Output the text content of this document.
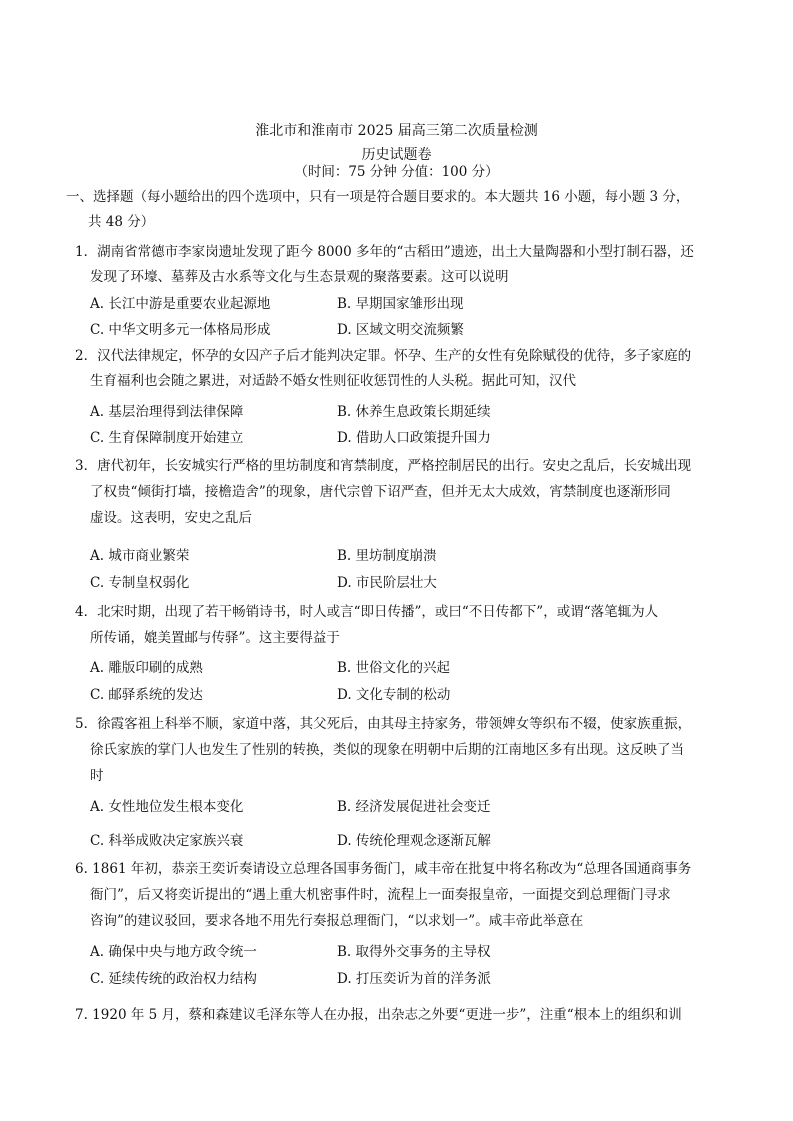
淮北市和淮南市 2025 届高三第二次质量检测
历史试题卷
（时间：75 分钟 分值：100 分）
一、选择题（每小题给出的四个选项中，只有一项是符合题目要求的。本大题共 16 小题，每小题 3 分，
共 48 分）
1．湖南省常德市李家岗遗址发现了距今 8000 多年的“古稻田”遗迹，出土大量陶器和小型打制石器，还
发现了环壕、墓葬及古水系等文化与生态景观的聚落要素。这可以说明
A. 长江中游是重要农业起源地	B. 早期国家雏形出现
C. 中华文明多元一体格局形成	D. 区域文明交流频繁
2．汉代法律规定，怀孕的女囚产子后才能判决定罪。怀孕、生产的女性有免除赋役的优待，多子家庭的
生育福利也会随之累进，对适龄不婚女性则征收惩罚性的人头税。据此可知，汉代
A. 基层治理得到法律保障	B. 休养生息政策长期延续
C. 生育保障制度开始建立	D. 借助人口政策提升国力
3．唐代初年，长安城实行严格的里坊制度和宵禁制度，严格控制居民的出行。安史之乱后，长安城出现
了权贵“倾街打墙，接檐造舍”的现象，唐代宗曾下诏严查，但并无太大成效，宵禁制度也逐渐形同
虚设。这表明，安史之乱后
A. 城市商业繁荣	B. 里坊制度崩溃
C. 专制皇权弱化	D. 市民阶层壮大
4．北宋时期，出现了若干畅销诗书，时人或言“即日传播”，或曰“不日传都下”，或谓“落笔辄为人
所传诵，媲美置邮与传驿”。这主要得益于
A. 雕版印刷的成熟	B. 世俗文化的兴起
C. 邮驿系统的发达	D. 文化专制的松动
5．徐霞客祖上科举不顺，家道中落，其父死后，由其母主持家务，带领婢女等织布不辍，使家族重振，
徐氏家族的掌门人也发生了性别的转换，类似的现象在明朝中后期的江南地区多有出现。这反映了当
时
A. 女性地位发生根本变化	B. 经济发展促进社会变迁
C. 科举成败决定家族兴衰	D. 传统伦理观念逐渐瓦解
6. 1861 年初，恭亲王奕䜣奏请设立总理各国事务衙门，咸丰帝在批复中将名称改为“总理各国通商事务
衙门”，后又将奕䜣提出的“遇上重大机密事件时，流程上一面奏报皇帝，一面提交到总理衙门寻求
咨询”的建议驳回，要求各地不用先行奏报总理衙门，“以求划一”。咸丰帝此举意在
A. 确保中央与地方政令统一	B. 取得外交事务的主导权
C. 延续传统的政治权力结构	D. 打压奕䜣为首的洋务派
7. 1920 年 5 月，蔡和森建议毛泽东等人在办报，出杂志之外要“更进一步”，注重“根本上的组织和训
